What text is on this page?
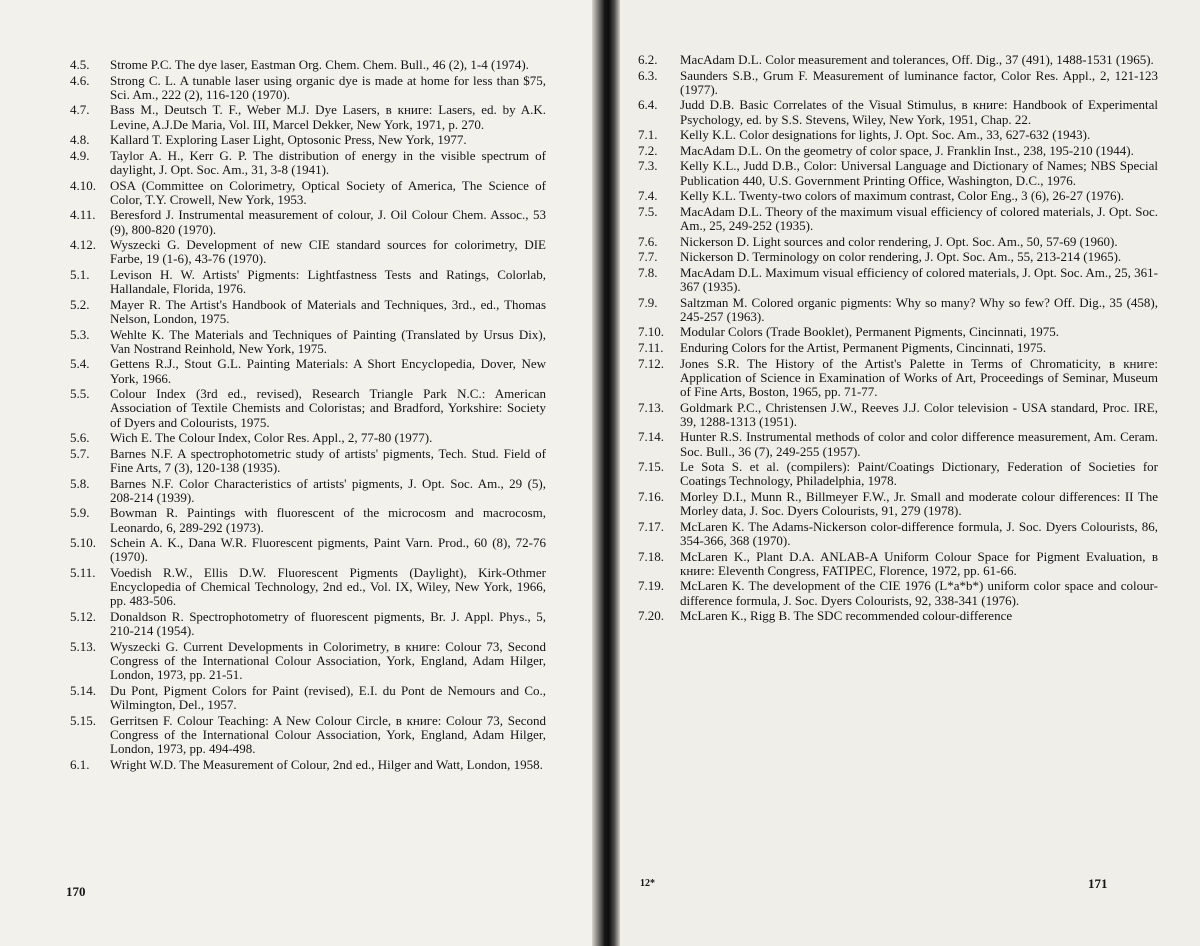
4.5.	Strome P.C. The dye laser, Eastman Org. Chem. Chem. Bull., 46 (2), 1-4 (1974).
4.6.	Strong C. L. A tunable laser using organic dye is made at home for less than $75, Sci. Am., 222 (2), 116-120 (1970).
4.7.	Bass M., Deutsch T. F., Weber M.J. Dye Lasers, в книге: Lasers, ed. by A.K. Levine, A.J.De Maria, Vol. III, Marcel Dekker, New York, 1971, p. 270.
4.8.	Kallard T. Exploring Laser Light, Optosonic Press, New York, 1977.
4.9.	Taylor A. H., Kerr G. P. The distribution of energy in the visible spectrum of daylight, J. Opt. Soc. Am., 31, 3-8 (1941).
4.10.	OSA (Committee on Colorimetry, Optical Society of America, The Science of Color, T.Y. Crowell, New York, 1953.
4.11.	Beresford J. Instrumental measurement of colour, J. Oil Colour Chem. Assoc., 53 (9), 800-820 (1970).
4.12.	Wyszecki G. Development of new CIE standard sources for colorimetry, DIE Farbe, 19 (1-6), 43-76 (1970).
5.1.	Levison H. W. Artists' Pigments: Lightfastness Tests and Ratings, Colorlab, Hallandale, Florida, 1976.
5.2.	Mayer R. The Artist's Handbook of Materials and Techniques, 3rd., ed., Thomas Nelson, London, 1975.
5.3.	Wehlte K. The Materials and Techniques of Painting (Translated by Ursus Dix), Van Nostrand Reinhold, New York, 1975.
5.4.	Gettens R.J., Stout G.L. Painting Materials: A Short Encyclopedia, Dover, New York, 1966.
5.5.	Colour Index (3rd ed., revised), Research Triangle Park N.C.: American Association of Textile Chemists and Coloristas; and Bradford, Yorkshire: Society of Dyers and Colourists, 1975.
5.6.	Wich E. The Colour Index, Color Res. Appl., 2, 77-80 (1977).
5.7.	Barnes N.F. A spectrophotometric study of artists' pigments, Tech. Stud. Field of Fine Arts, 7 (3), 120-138 (1935).
5.8.	Barnes N.F. Color Characteristics of artists' pigments, J. Opt. Soc. Am., 29 (5), 208-214 (1939).
5.9.	Bowman R. Paintings with fluorescent of the microcosm and macrocosm, Leonardo, 6, 289-292 (1973).
5.10.	Schein A. K., Dana W.R. Fluorescent pigments, Paint Varn. Prod., 60 (8), 72-76 (1970).
5.11.	Voedish R.W., Ellis D.W. Fluorescent Pigments (Daylight), Kirk-Othmer Encyclopedia of Chemical Technology, 2nd ed., Vol. IX, Wiley, New York, 1966, pp. 483-506.
5.12.	Donaldson R. Spectrophotometry of fluorescent pigments, Br. J. Appl. Phys., 5, 210-214 (1954).
5.13.	Wyszecki G. Current Developments in Colorimetry, в книге: Colour 73, Second Congress of the International Colour Association, York, England, Adam Hilger, London, 1973, pp. 21-51.
5.14.	Du Pont, Pigment Colors for Paint (revised), E.I. du Pont de Nemours and Co., Wilmington, Del., 1957.
5.15.	Gerritsen F. Colour Teaching: A New Colour Circle, в книге: Colour 73, Second Congress of the International Colour Association, York, England, Adam Hilger, London, 1973, pp. 494-498.
6.1.	Wright W.D. The Measurement of Colour, 2nd ed., Hilger and Watt, London, 1958.
170
6.2.	MacAdam D.L. Color measurement and tolerances, Off. Dig., 37 (491), 1488-1531 (1965).
6.3.	Saunders S.B., Grum F. Measurement of luminance factor, Color Res. Appl., 2, 121-123 (1977).
6.4.	Judd D.B. Basic Correlates of the Visual Stimulus, в книге: Handbook of Experimental Psychology, ed. by S.S. Stevens, Wiley, New York, 1951, Chap. 22.
7.1.	Kelly K.L. Color designations for lights, J. Opt. Soc. Am., 33, 627-632 (1943).
7.2.	MacAdam D.L. On the geometry of color space, J. Franklin Inst., 238, 195-210 (1944).
7.3.	Kelly K.L., Judd D.B., Color: Universal Language and Dictionary of Names; NBS Special Publication 440, U.S. Government Printing Office, Washington, D.C., 1976.
7.4.	Kelly K.L. Twenty-two colors of maximum contrast, Color Eng., 3 (6), 26-27 (1976).
7.5.	MacAdam D.L. Theory of the maximum visual efficiency of colored materials, J. Opt. Soc. Am., 25, 249-252 (1935).
7.6.	Nickerson D. Light sources and color rendering, J. Opt. Soc. Am., 50, 57-69 (1960).
7.7.	Nickerson D. Terminology on color rendering, J. Opt. Soc. Am., 55, 213-214 (1965).
7.8.	MacAdam D.L. Maximum visual efficiency of colored materials, J. Opt. Soc. Am., 25, 361-367 (1935).
7.9.	Saltzman M. Colored organic pigments: Why so many? Why so few? Off. Dig., 35 (458), 245-257 (1963).
7.10.	Modular Colors (Trade Booklet), Permanent Pigments, Cincinnati, 1975.
7.11.	Enduring Colors for the Artist, Permanent Pigments, Cincinnati, 1975.
7.12.	Jones S.R. The History of the Artist's Palette in Terms of Chromaticity, в книге: Application of Science in Examination of Works of Art, Proceedings of Seminar, Museum of Fine Arts, Boston, 1965, pp. 71-77.
7.13.	Goldmark P.C., Christensen J.W., Reeves J.J. Color television - USA standard, Proc. IRE, 39, 1288-1313 (1951).
7.14.	Hunter R.S. Instrumental methods of color and color difference measurement, Am. Ceram. Soc. Bull., 36 (7), 249-255 (1957).
7.15.	Le Sota S. et al. (compilers): Paint/Coatings Dictionary, Federation of Societies for Coatings Technology, Philadelphia, 1978.
7.16.	Morley D.I., Munn R., Billmeyer F.W., Jr. Small and moderate colour differences: II The Morley data, J. Soc. Dyers Colourists, 91, 279 (1978).
7.17.	McLaren K. The Adams-Nickerson color-difference formula, J. Soc. Dyers Colourists, 86, 354-366, 368 (1970).
7.18.	McLaren K., Plant D.A. ANLAB-A Uniform Colour Space for Pigment Evaluation, в книге: Eleventh Congress, FATIPEC, Florence, 1972, pp. 61-66.
7.19.	McLaren K. The development of the CIE 1976 (L*a*b*) uniform color space and colour-difference formula, J. Soc. Dyers Colourists, 92, 338-341 (1976).
7.20.	McLaren K., Rigg B. The SDC recommended colour-difference
12*	171
